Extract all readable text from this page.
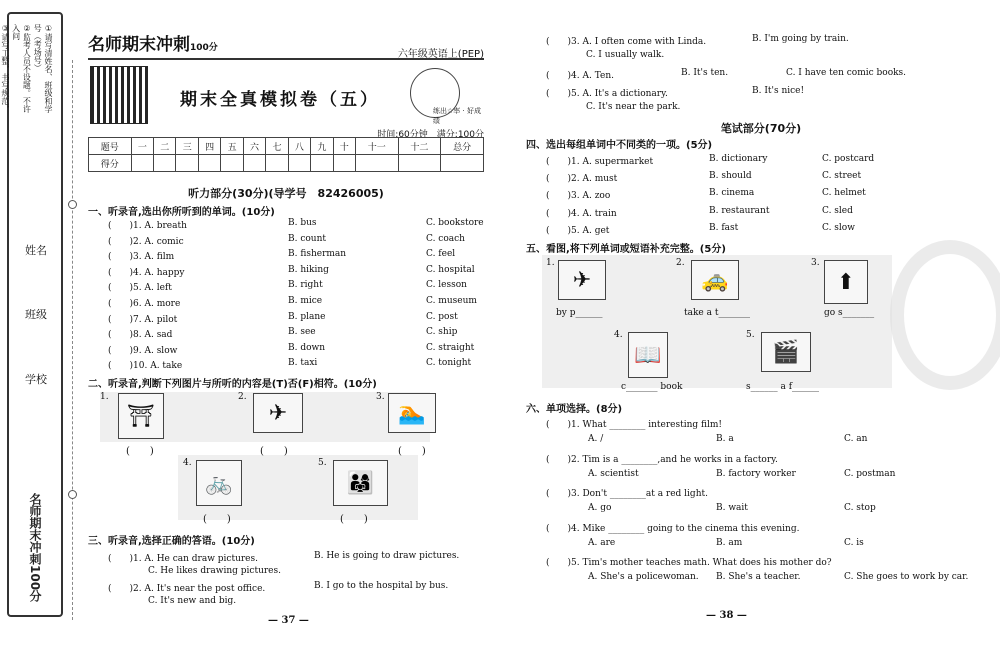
①请写清姓名、班级和学号（考场号）
②监考人员不设题。不许入问
③请写工整，书写规范，
姓名
班级
学校
名师期末冲刺100分
名师期末冲刺100分
六年级英语上(PEP)
期末全真模拟卷（五）
练出☆率 · 好成绩
时间:60分钟　满分:100分
题号	一	二	三	四	五	六	七	八	九	十	十一	十二	总分
得分													
听力部分(30分)(导学号　82426005)
一、听录音,选出你所听到的单词。(10分)
(　　)1. A. breath	B. bus	C. bookstore
(　　)2. A. comic	B. count	C. coach
(　　)3. A. film	B. fisherman	C. feel
(　　)4. A. happy	B. hiking	C. hospital
(　　)5. A. left	B. right	C. lesson
(　　)6. A. more	B. mice	C. museum
(　　)7. A. pilot	B. plane	C. post
(　　)8. A. sad	B. see	C. ship
(　　)9. A. slow	B. down	C. straight
(　　)10. A. take	B. taxi	C. tonight
二、听录音,判断下列图片与所听的内容是(T)否(F)相符。(10分)
1.
⛩
(　　)
2.
✈
(　　)
3.
🏊
(　　)
4.
🚲
(　　)
5.
👨‍👩‍👧
(　　)
三、听录音,选择正确的答语。(10分)
(　　)1. A. He can draw pictures.	B. He is going to draw pictures.
C. He likes drawing pictures.
(　　)2. A. It's near the post office.	B. I go to the hospital by bus.
C. It's new and big.
— 37 —
(　　)3. A. I often come with Linda.	B. I'm going by train.
C. I usually walk.
(　　)4. A. Ten.	B. It's ten.	C. I have ten comic books.
(　　)5. A. It's a dictionary.	B. It's nice!
C. It's near the park.
笔试部分(70分)
四、选出每组单词中不同类的一项。(5分)
(　　)1. A. supermarket	B. dictionary	C. postcard
(　　)2. A. must	B. should	C. street
(　　)3. A. zoo	B. cinema	C. helmet
(　　)4. A. train	B. restaurant	C. sled
(　　)5. A. get	B. fast	C. slow
五、看图,将下列单词或短语补充完整。(5分)
1.
✈
by p______
2.
🚕
take a t_______
3.
⬆
go s_______
4.
📖
c_______ book
5.
🎬
s______ a f______
六、单项选择。(8分)
(　　)1. What ________ interesting film!
A. /	B. a	C. an
(　　)2. Tim is a ________,and he works in a factory.
A. scientist	B. factory worker	C. postman
(　　)3. Don't ________at a red light.
A. go	B. wait	C. stop
(　　)4. Mike ________ going to the cinema this evening.
A. are	B. am	C. is
(　　)5. Tim's mother teaches math. What does his mother do?
A. She's a policewoman. B. She's a teacher.	C. She goes to work by car.
— 38 —
